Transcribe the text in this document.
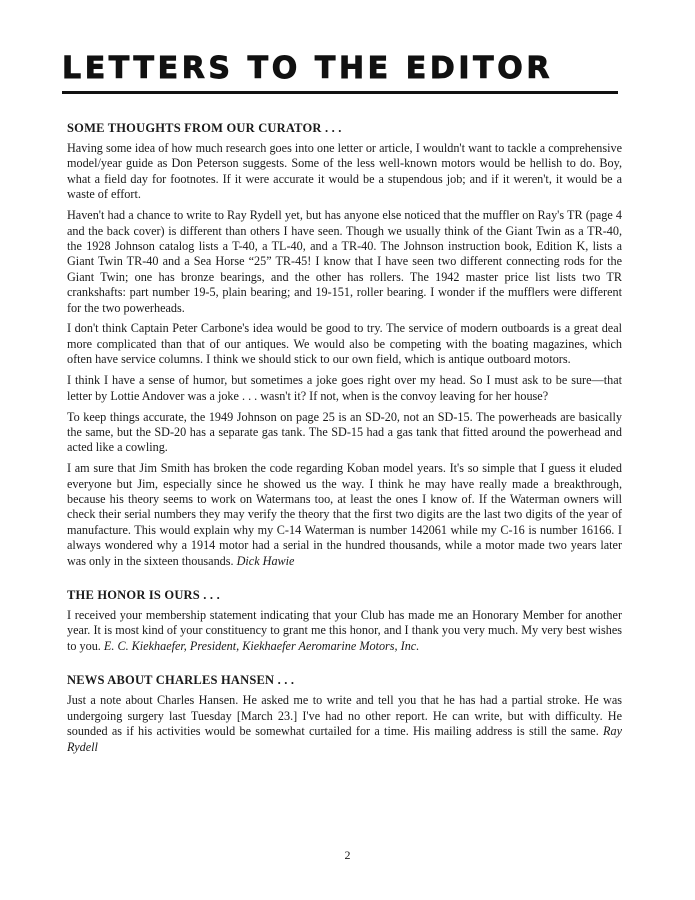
LETTERS TO THE EDITOR
SOME THOUGHTS FROM OUR CURATOR . . .

Having some idea of how much research goes into one letter or article, I wouldn't want to tackle a comprehensive model/year guide as Don Peterson suggests. Some of the less well-known motors would be hellish to do. Boy, what a field day for footnotes. If it were accurate it would be a stupendous job; and if it weren't, it would be a waste of effort.

Haven't had a chance to write to Ray Rydell yet, but has anyone else noticed that the muffler on Ray's TR (page 4 and the back cover) is different than others I have seen. Though we usually think of the Giant Twin as a TR-40, the 1928 Johnson catalog lists a T-40, a TL-40, and a TR-40. The Johnson instruction book, Edition K, lists a Giant Twin TR-40 and a Sea Horse “25” TR-45! I know that I have seen two different connecting rods for the Giant Twin; one has bronze bearings, and the other has rollers. The 1942 master price list lists two TR crankshafts: part number 19-5, plain bearing; and 19-151, roller bearing. I wonder if the mufflers were different for the two powerheads.

I don't think Captain Peter Carbone's idea would be good to try. The service of modern outboards is a great deal more complicated than that of our antiques. We would also be competing with the boating magazines, which often have service columns. I think we should stick to our own field, which is antique outboard motors.

I think I have a sense of humor, but sometimes a joke goes right over my head. So I must ask to be sure—that letter by Lottie Andover was a joke . . . wasn't it? If not, when is the convoy leaving for her house?

To keep things accurate, the 1949 Johnson on page 25 is an SD-20, not an SD-15. The powerheads are basically the same, but the SD-20 has a separate gas tank. The SD-15 had a gas tank that fitted around the powerhead and acted like a cowling.

I am sure that Jim Smith has broken the code regarding Koban model years. It's so simple that I guess it eluded everyone but Jim, especially since he showed us the way. I think he may have really made a breakthrough, because his theory seems to work on Watermans too, at least the ones I know of. If the Waterman owners will check their serial numbers they may verify the theory that the first two digits are the last two digits of the year of manufacture. This would explain why my C-14 Waterman is number 142061 while my C-16 is number 16166. I always wondered why a 1914 motor had a serial in the hundred thousands, while a motor made two years later was only in the sixteen thousands. Dick Hawie

THE HONOR IS OURS . . .

I received your membership statement indicating that your Club has made me an Honorary Member for another year. It is most kind of your constituency to grant me this honor, and I thank you very much. My very best wishes to you. E. C. Kiekhaefer, President, Kiekhaefer Aeromarine Motors, Inc.

NEWS ABOUT CHARLES HANSEN . . .

Just a note about Charles Hansen. He asked me to write and tell you that he has had a partial stroke. He was undergoing surgery last Tuesday [March 23.] I've had no other report. He can write, but with difficulty. He sounded as if his activities would be somewhat curtailed for a time. His mailing address is still the same. Ray Rydell

2
